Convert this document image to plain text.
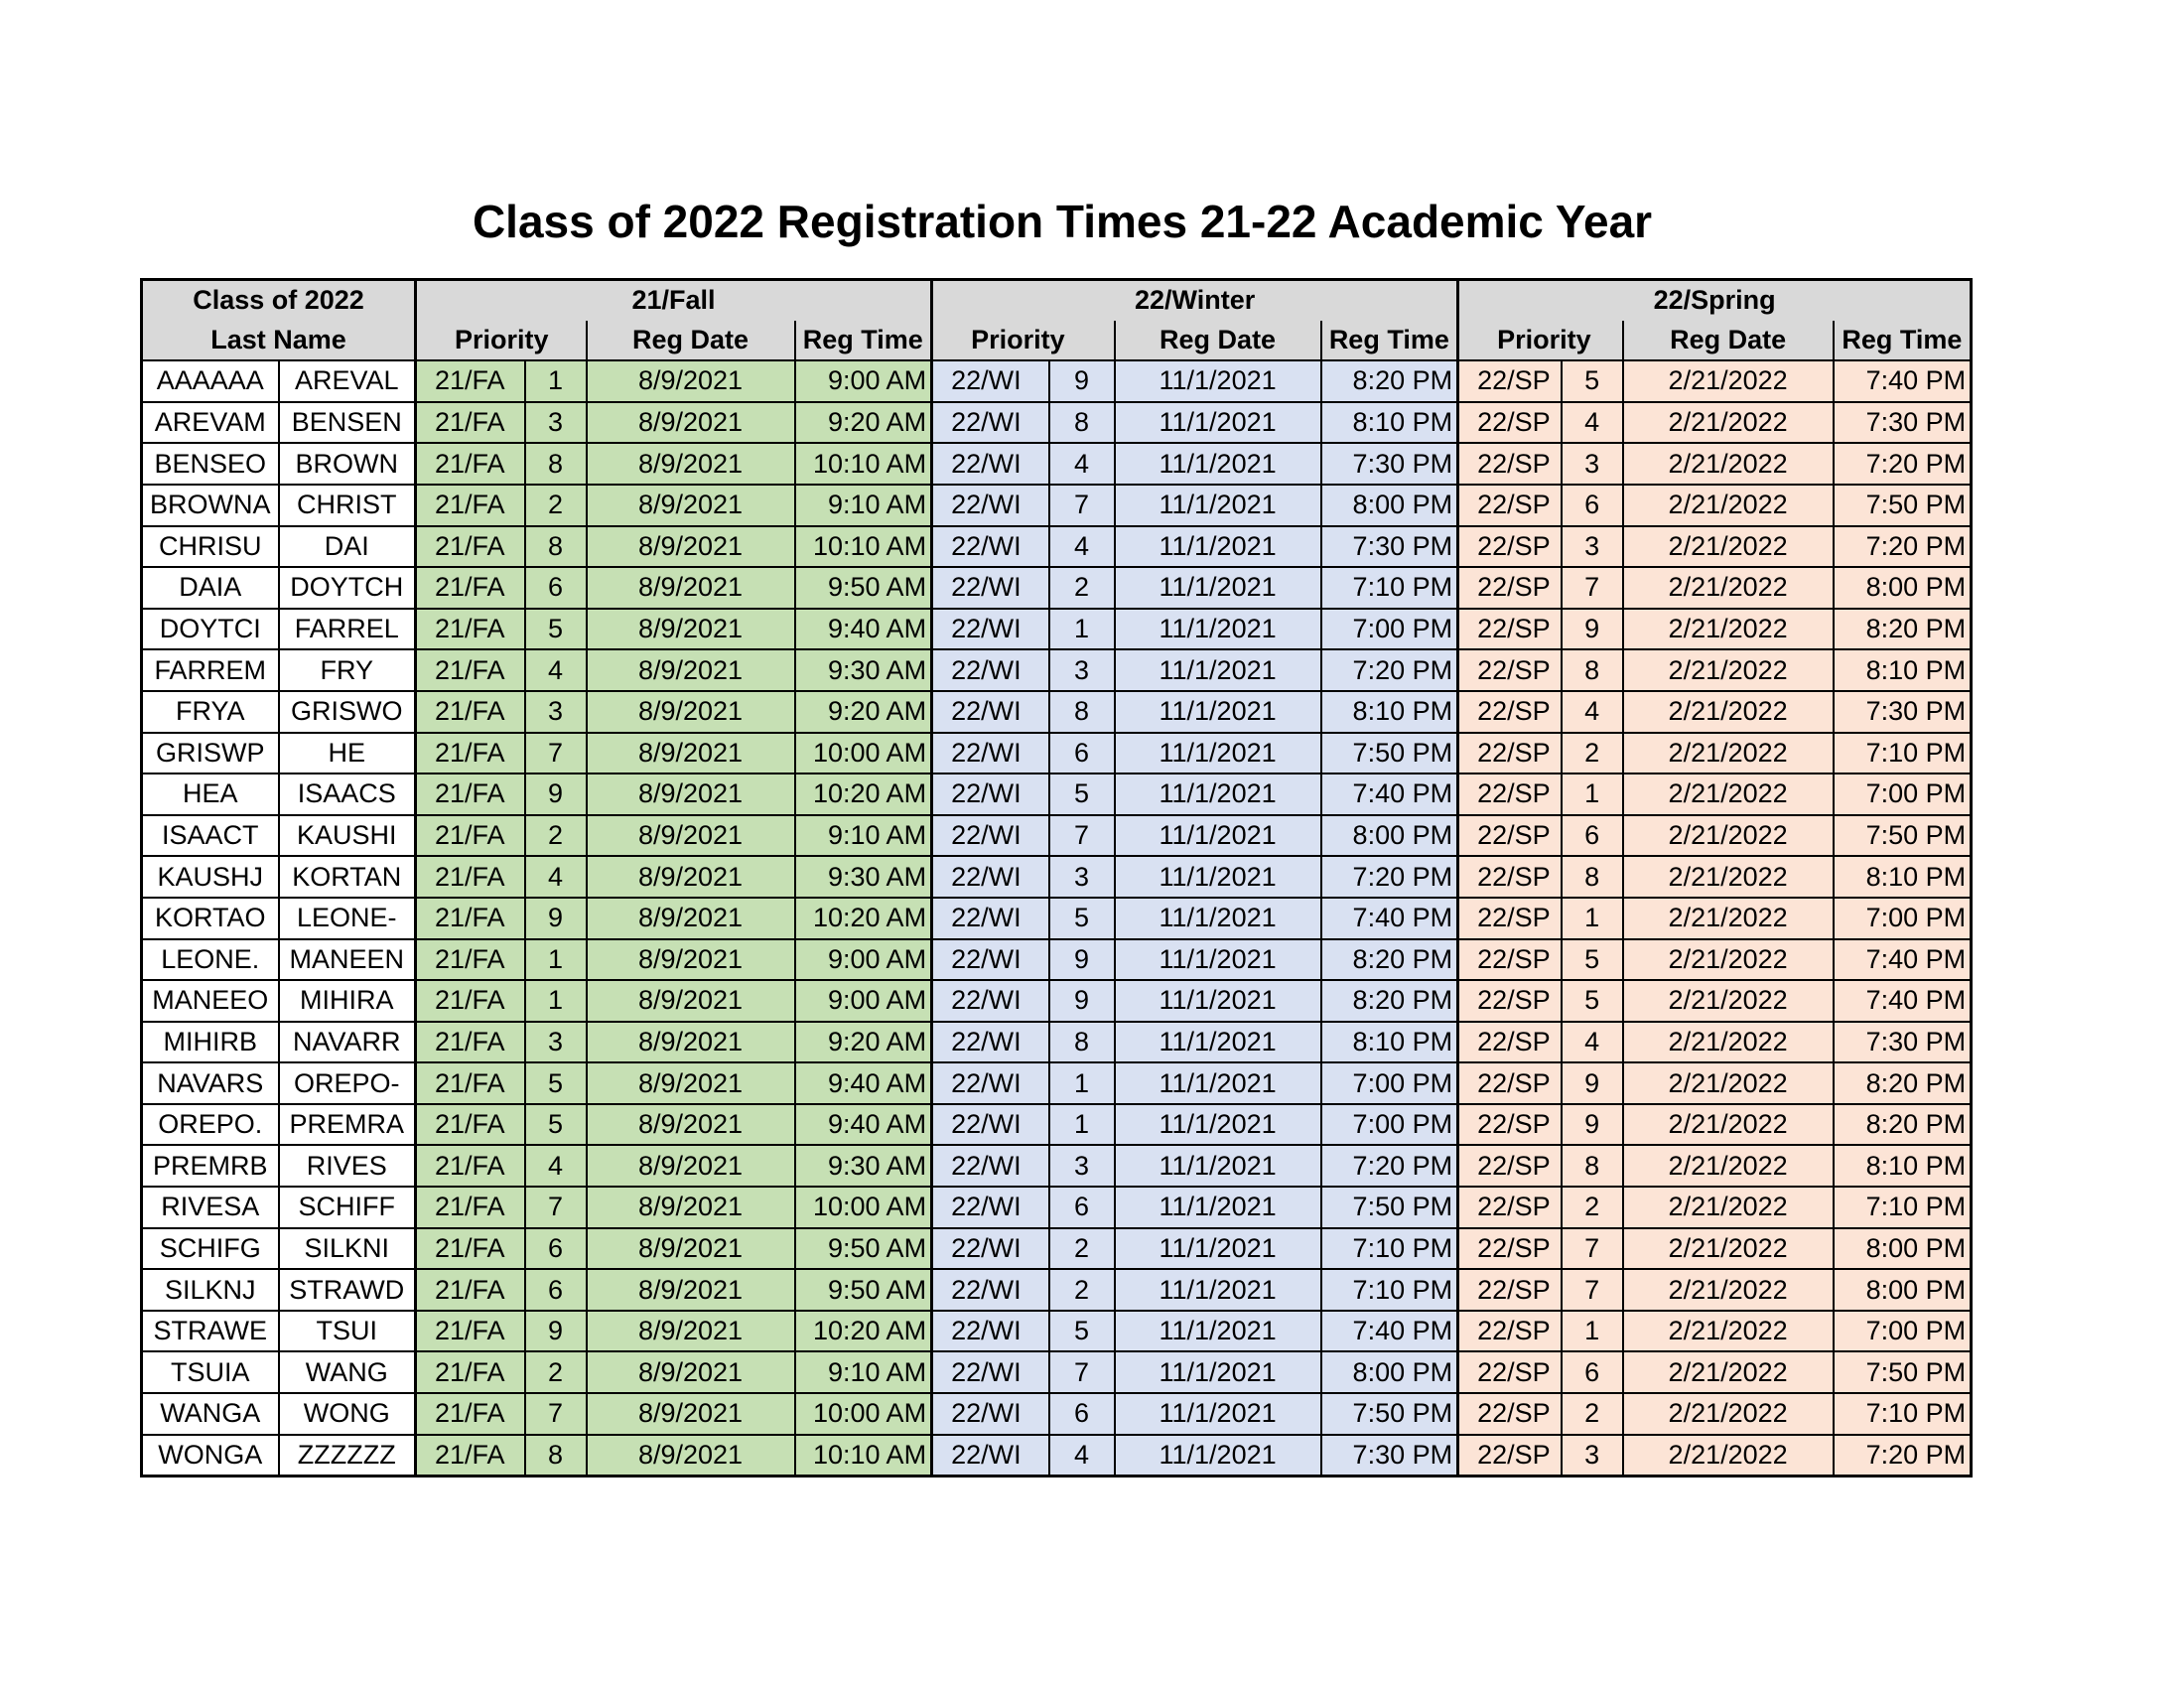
Class of 2022 Registration Times 21-22 Academic Year
Class of 2022		21/Fall				22/Winter				22/Spring			
Last Name		Priority		Reg Date	Reg Time	Priority		Reg Date	Reg Time	Priority		Reg Date	Reg Time
AAAAAA	AREVAL	21/FA	1	8/9/2021	9:00 AM	22/WI	9	11/1/2021	8:20 PM	22/SP	5	2/21/2022	7:40 PM
AREVAM	BENSEN	21/FA	3	8/9/2021	9:20 AM	22/WI	8	11/1/2021	8:10 PM	22/SP	4	2/21/2022	7:30 PM
BENSEO	BROWN	21/FA	8	8/9/2021	10:10 AM	22/WI	4	11/1/2021	7:30 PM	22/SP	3	2/21/2022	7:20 PM
BROWNA	CHRIST	21/FA	2	8/9/2021	9:10 AM	22/WI	7	11/1/2021	8:00 PM	22/SP	6	2/21/2022	7:50 PM
CHRISU	DAI	21/FA	8	8/9/2021	10:10 AM	22/WI	4	11/1/2021	7:30 PM	22/SP	3	2/21/2022	7:20 PM
DAIA	DOYTCH	21/FA	6	8/9/2021	9:50 AM	22/WI	2	11/1/2021	7:10 PM	22/SP	7	2/21/2022	8:00 PM
DOYTCI	FARREL	21/FA	5	8/9/2021	9:40 AM	22/WI	1	11/1/2021	7:00 PM	22/SP	9	2/21/2022	8:20 PM
FARREM	FRY	21/FA	4	8/9/2021	9:30 AM	22/WI	3	11/1/2021	7:20 PM	22/SP	8	2/21/2022	8:10 PM
FRYA	GRISWO	21/FA	3	8/9/2021	9:20 AM	22/WI	8	11/1/2021	8:10 PM	22/SP	4	2/21/2022	7:30 PM
GRISWP	HE	21/FA	7	8/9/2021	10:00 AM	22/WI	6	11/1/2021	7:50 PM	22/SP	2	2/21/2022	7:10 PM
HEA	ISAACS	21/FA	9	8/9/2021	10:20 AM	22/WI	5	11/1/2021	7:40 PM	22/SP	1	2/21/2022	7:00 PM
ISAACT	KAUSHI	21/FA	2	8/9/2021	9:10 AM	22/WI	7	11/1/2021	8:00 PM	22/SP	6	2/21/2022	7:50 PM
KAUSHJ	KORTAN	21/FA	4	8/9/2021	9:30 AM	22/WI	3	11/1/2021	7:20 PM	22/SP	8	2/21/2022	8:10 PM
KORTAO	LEONE-	21/FA	9	8/9/2021	10:20 AM	22/WI	5	11/1/2021	7:40 PM	22/SP	1	2/21/2022	7:00 PM
LEONE.	MANEEN	21/FA	1	8/9/2021	9:00 AM	22/WI	9	11/1/2021	8:20 PM	22/SP	5	2/21/2022	7:40 PM
MANEEO	MIHIRA	21/FA	1	8/9/2021	9:00 AM	22/WI	9	11/1/2021	8:20 PM	22/SP	5	2/21/2022	7:40 PM
MIHIRB	NAVARR	21/FA	3	8/9/2021	9:20 AM	22/WI	8	11/1/2021	8:10 PM	22/SP	4	2/21/2022	7:30 PM
NAVARS	OREPO-	21/FA	5	8/9/2021	9:40 AM	22/WI	1	11/1/2021	7:00 PM	22/SP	9	2/21/2022	8:20 PM
OREPO.	PREMRA	21/FA	5	8/9/2021	9:40 AM	22/WI	1	11/1/2021	7:00 PM	22/SP	9	2/21/2022	8:20 PM
PREMRB	RIVES	21/FA	4	8/9/2021	9:30 AM	22/WI	3	11/1/2021	7:20 PM	22/SP	8	2/21/2022	8:10 PM
RIVESA	SCHIFF	21/FA	7	8/9/2021	10:00 AM	22/WI	6	11/1/2021	7:50 PM	22/SP	2	2/21/2022	7:10 PM
SCHIFG	SILKNI	21/FA	6	8/9/2021	9:50 AM	22/WI	2	11/1/2021	7:10 PM	22/SP	7	2/21/2022	8:00 PM
SILKNJ	STRAWD	21/FA	6	8/9/2021	9:50 AM	22/WI	2	11/1/2021	7:10 PM	22/SP	7	2/21/2022	8:00 PM
STRAWE	TSUI	21/FA	9	8/9/2021	10:20 AM	22/WI	5	11/1/2021	7:40 PM	22/SP	1	2/21/2022	7:00 PM
TSUIA	WANG	21/FA	2	8/9/2021	9:10 AM	22/WI	7	11/1/2021	8:00 PM	22/SP	6	2/21/2022	7:50 PM
WANGA	WONG	21/FA	7	8/9/2021	10:00 AM	22/WI	6	11/1/2021	7:50 PM	22/SP	2	2/21/2022	7:10 PM
WONGA	ZZZZZZ	21/FA	8	8/9/2021	10:10 AM	22/WI	4	11/1/2021	7:30 PM	22/SP	3	2/21/2022	7:20 PM
